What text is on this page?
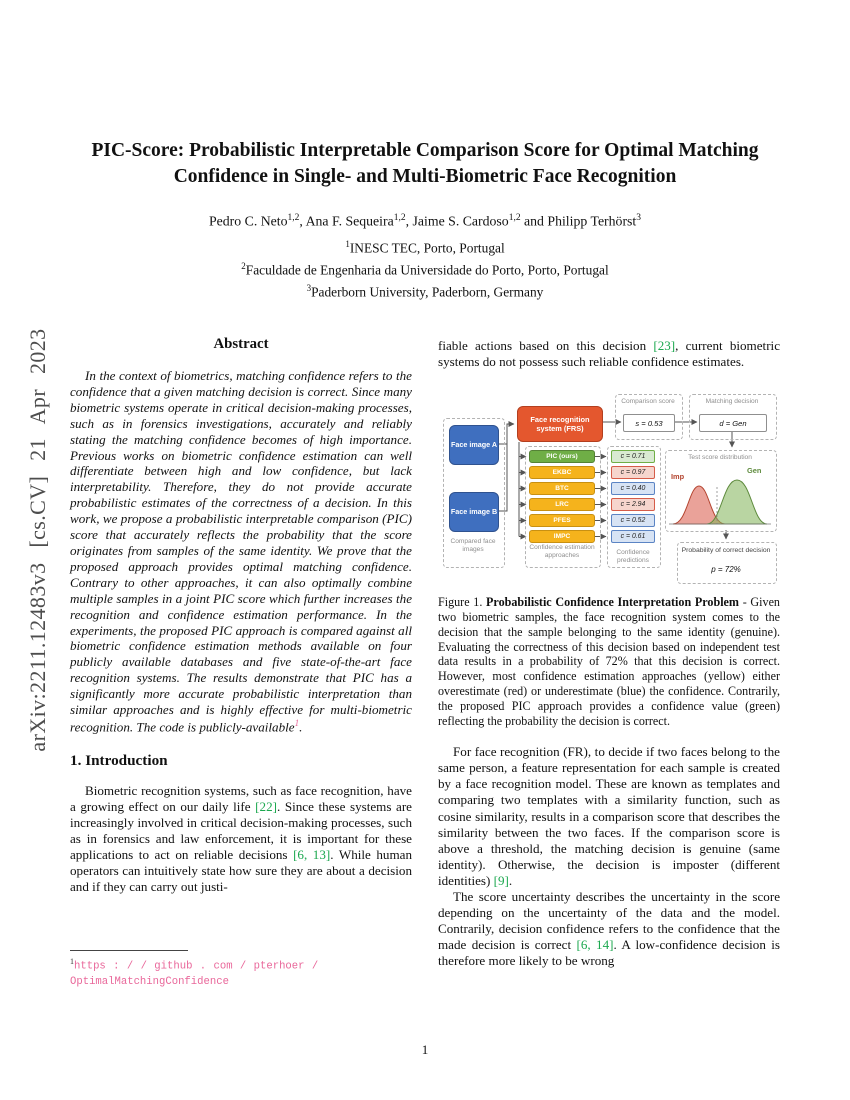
arXiv:2211.12483v3 [cs.CV] 21 Apr 2023
PIC-Score: Probabilistic Interpretable Comparison Score for Optimal Matching Confidence in Single- and Multi-Biometric Face Recognition
Pedro C. Neto$^{1,2}$, Ana F. Sequeira$^{1,2}$, Jaime S. Cardoso$^{1,2}$ and Philipp Terhörst$^3$
$^1$INESC TEC, Porto, Portugal
$^2$Faculdade de Engenharia da Universidade do Porto, Porto, Portugal
$^3$Paderborn University, Paderborn, Germany
Abstract

In the context of biometrics, matching confidence refers to the confidence that a given matching decision is correct. Since many biometric systems operate in critical decision-making processes, such as in forensics investigations, accurately and reliably stating the matching confidence becomes of high importance. Previous works on biometric confidence estimation can well differentiate between high and low confidence, but lack interpretability. Therefore, they do not provide accurate probabilistic estimates of the correctness of a decision. In this work, we propose a probabilistic interpretable comparison (PIC) score that accurately reflects the probability that the score originates from samples of the same identity. We prove that the proposed approach provides optimal matching confidence. Contrary to other approaches, it can also optimally combine multiple samples in a joint PIC score which further increases the recognition and confidence estimation performance. In the experiments, the proposed PIC approach is compared against all biometric confidence estimation methods available on four publicly available databases and five state-of-the-art face recognition systems. The results demonstrate that PIC has a significantly more accurate probabilistic interpretation than similar approaches and is highly effective for multi-biometric recognition. The code is publicly-available$^1$.

1. Introduction

Biometric recognition systems, such as face recognition, have a growing effect on our daily life [22]. Since these systems are increasingly involved in critical decision-making processes, such as in forensics and law enforcement, it is important for these applications to act on reliable decisions [6, 13]. While human operators can intuitively state how sure they are about a decision and if they can carry out justi-

$^1$https : / / github . com / pterhoer / OptimalMatchingConfidence

fiable actions based on this decision [23], current biometric systems do not possess such reliable confidence estimates.

Face image A
Face image B
Compared face images
Face recognition system (FRS)
Comparison score
s = 0.53
Matching decision
d = Gen
Test score distribution
Imp
Gen
Probability of correct decision
p = 72%
PIC (ours)
EKBC
BTC
LRC
PFES
IMPC
Confidence estimation approaches
c = 0.71
c = 0.97
c = 0.40
c = 2.94
c = 0.52
c = 0.61
Confidence predictions

Figure 1. Probabilistic Confidence Interpretation Problem - Given two biometric samples, the face recognition system comes to the decision that the sample belonging to the same identity (genuine). Evaluating the correctness of this decision based on independent test data results in a probability of 72% that this decision is correct. However, most confidence estimation approaches (yellow) either overestimate (red) or underestimate (blue) the confidence. Contrarily, the proposed PIC approach provides a confidence value (green) reflecting the probability the decision is correct.

For face recognition (FR), to decide if two faces belong to the same person, a feature representation for each sample is created by a face recognition model. These are known as templates and comparing two templates with a similarity function, such as cosine similarity, results in a comparison score that describes the similarity between the two faces. If the comparison score is above a threshold, the matching decision is genuine (same identity). Otherwise, the decision is imposter (different identities) [9].

The score uncertainty describes the uncertainty in the score depending on the uncertainty of the data and the model. Contrarily, decision confidence refers to the confidence that the made decision is correct [6, 14]. A low-confidence decision is therefore more likely to be wrong

1
